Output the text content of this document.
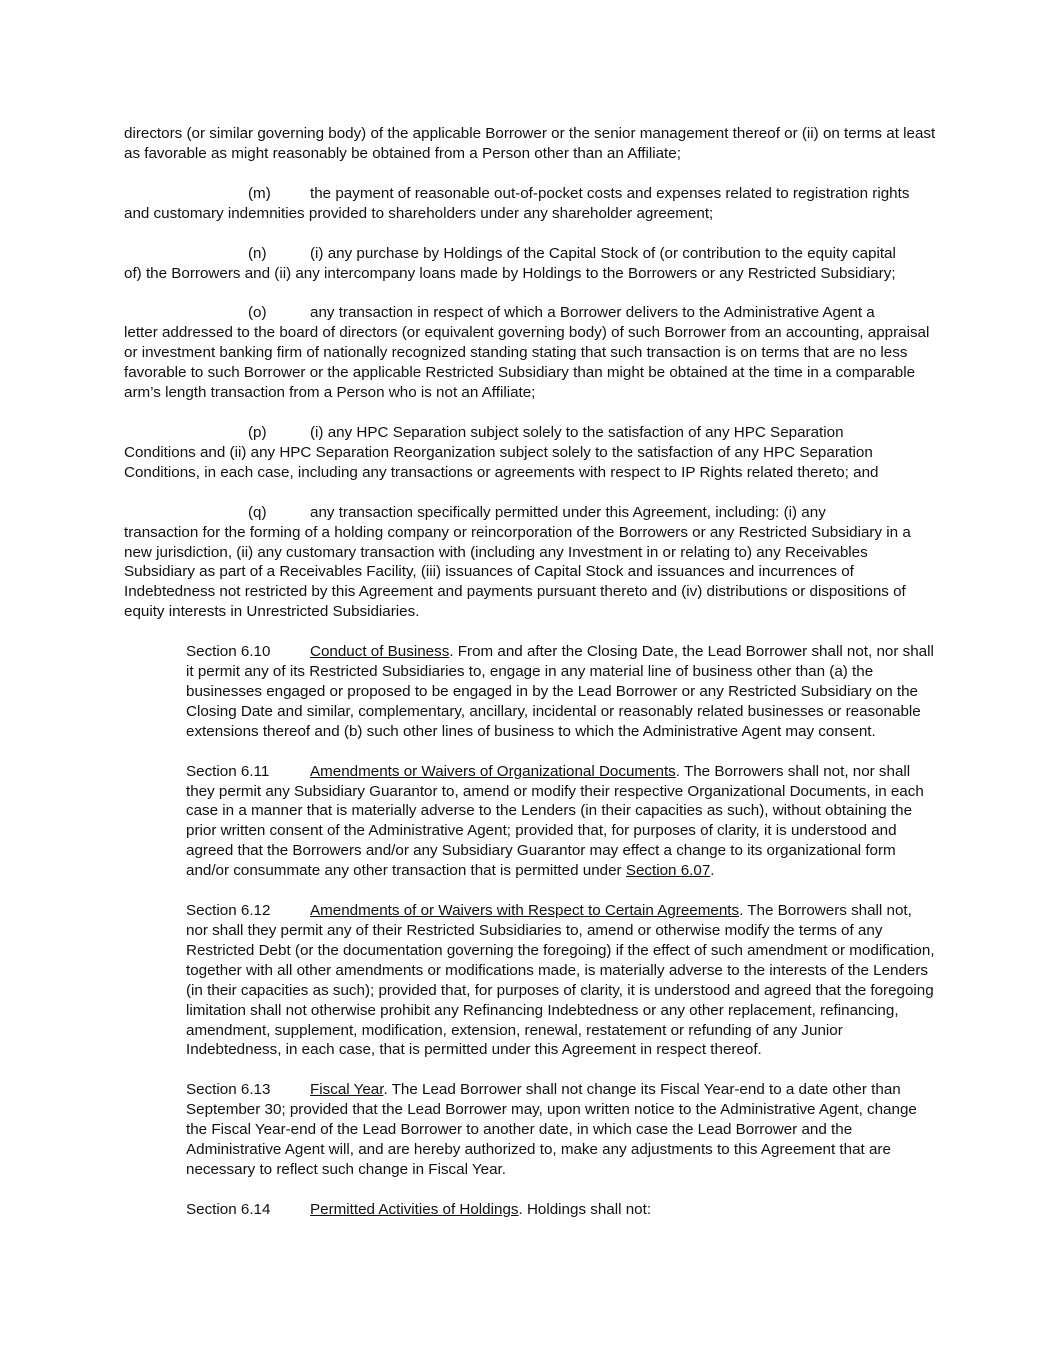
directors (or similar governing body) of the applicable Borrower or the senior management thereof or (ii) on terms at least as favorable as might reasonably be obtained from a Person other than an Affiliate;

(m)	the payment of reasonable out-of-pocket costs and expenses related to registration rights
and customary indemnities provided to shareholders under any shareholder agreement;
(n)	(i) any purchase by Holdings of the Capital Stock of (or contribution to the equity capital
of) the Borrowers and (ii) any intercompany loans made by Holdings to the Borrowers or any Restricted Subsidiary;
(o)	any transaction in respect of which a Borrower delivers to the Administrative Agent a
letter addressed to the board of directors (or equivalent governing body) of such Borrower from an accounting, appraisal or investment banking firm of nationally recognized standing stating that such transaction is on terms that are no less favorable to such Borrower or the applicable Restricted Subsidiary than might be obtained at the time in a comparable arm’s length transaction from a Person who is not an Affiliate;
(p)	(i) any HPC Separation subject solely to the satisfaction of any HPC Separation
Conditions and (ii) any HPC Separation Reorganization subject solely to the satisfaction of any HPC Separation Conditions, in each case, including any transactions or agreements with respect to IP Rights related thereto; and
(q)	any transaction specifically permitted under this Agreement, including: (i) any
transaction for the forming of a holding company or reincorporation of the Borrowers or any Restricted Subsidiary in a new jurisdiction, (ii) any customary transaction with (including any Investment in or relating to) any Receivables Subsidiary as part of a Receivables Facility, (iii) issuances of Capital Stock and issuances and incurrences of Indebtedness not restricted by this Agreement and payments pursuant thereto and (iv) distributions or dispositions of equity interests in Unrestricted Subsidiaries.

Section 6.10	Conduct of Business. From and after the Closing Date, the Lead Borrower shall not, nor shall it permit any of its Restricted Subsidiaries to, engage in any material line of business other than (a) the businesses engaged or proposed to be engaged in by the Lead Borrower or any Restricted Subsidiary on the Closing Date and similar, complementary, ancillary, incidental or reasonably related businesses or reasonable extensions thereof and (b) such other lines of business to which the Administrative Agent may consent.

Section 6.11	Amendments or Waivers of Organizational Documents. The Borrowers shall not, nor shall they permit any Subsidiary Guarantor to, amend or modify their respective Organizational Documents, in each case in a manner that is materially adverse to the Lenders (in their capacities as such), without obtaining the prior written consent of the Administrative Agent; provided that, for purposes of clarity, it is understood and agreed that the Borrowers and/or any Subsidiary Guarantor may effect a change to its organizational form and/or consummate any other transaction that is permitted under Section 6.07.

Section 6.12	Amendments of or Waivers with Respect to Certain Agreements. The Borrowers shall not, nor shall they permit any of their Restricted Subsidiaries to, amend or otherwise modify the terms of any Restricted Debt (or the documentation governing the foregoing) if the effect of such amendment or modification, together with all other amendments or modifications made, is materially adverse to the interests of the Lenders (in their capacities as such); provided that, for purposes of clarity, it is understood and agreed that the foregoing limitation shall not otherwise prohibit any Refinancing Indebtedness or any other replacement, refinancing, amendment, supplement, modification, extension, renewal, restatement or refunding of any Junior Indebtedness, in each case, that is permitted under this Agreement in respect thereof.

Section 6.13	Fiscal Year. The Lead Borrower shall not change its Fiscal Year-end to a date other than September 30; provided that the Lead Borrower may, upon written notice to the Administrative Agent, change the Fiscal Year-end of the Lead Borrower to another date, in which case the Lead Borrower and the Administrative Agent will, and are hereby authorized to, make any adjustments to this Agreement that are necessary to reflect such change in Fiscal Year.

Section 6.14	Permitted Activities of Holdings. Holdings shall not:
